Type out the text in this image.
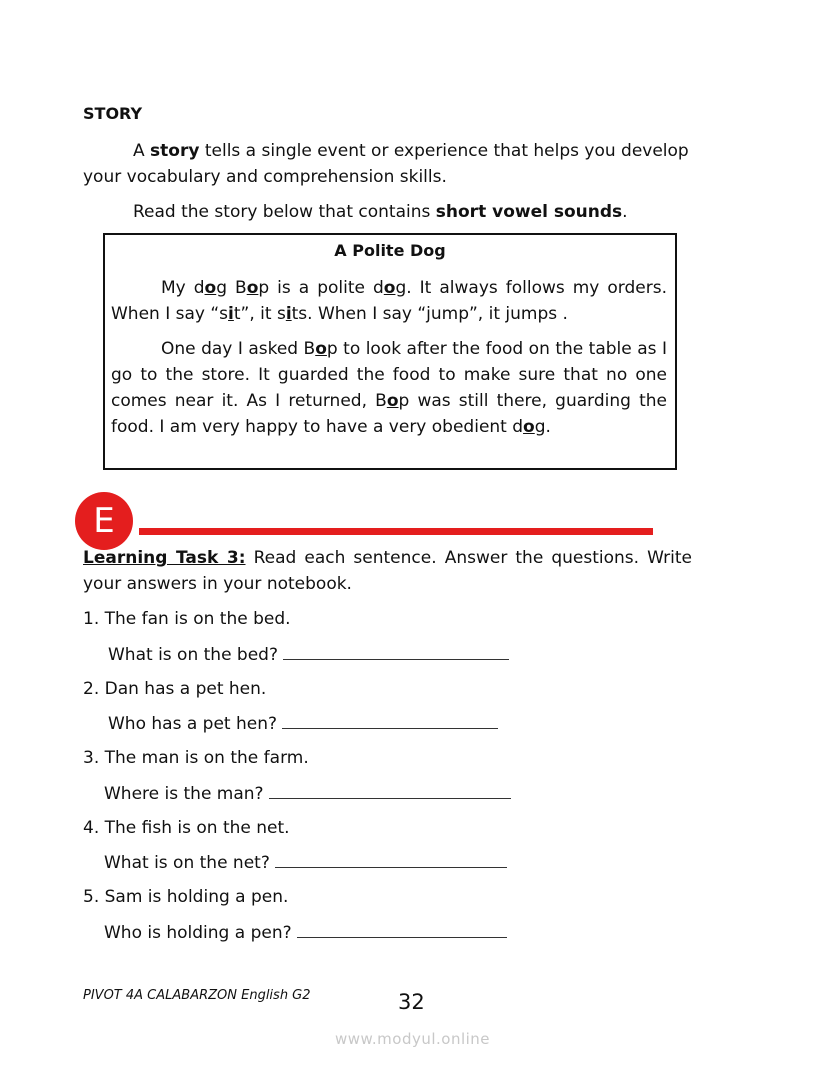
STORY

A story tells a single event or experience that helps you develop your vocabulary and comprehension skills.

Read the story below that contains short vowel sounds.
A Polite Dog

My dog Bop is a polite dog. It always follows my orders. When I say “sit”, it sits. When I say “jump”, it jumps .

One day I asked Bop to look after the food on the table as I go to the store. It guarded the food to make sure that no one comes near it. As I returned, Bop was still there, guarding the food. I am very happy to have a very obedient dog.

E
Learning Task 3: Read each sentence. Answer the questions. Write your answers in your notebook.
1. The fan is on the bed.
What is on the bed?
2. Dan has a pet hen.
Who has a pet hen?
3. The man is on the farm.
Where is the man?
4. The fish is on the net.
What is on the net?
5. Sam is holding a pen.
Who is holding a pen?
PIVOT 4A CALABARZON English G2	32
www.modyul.online
